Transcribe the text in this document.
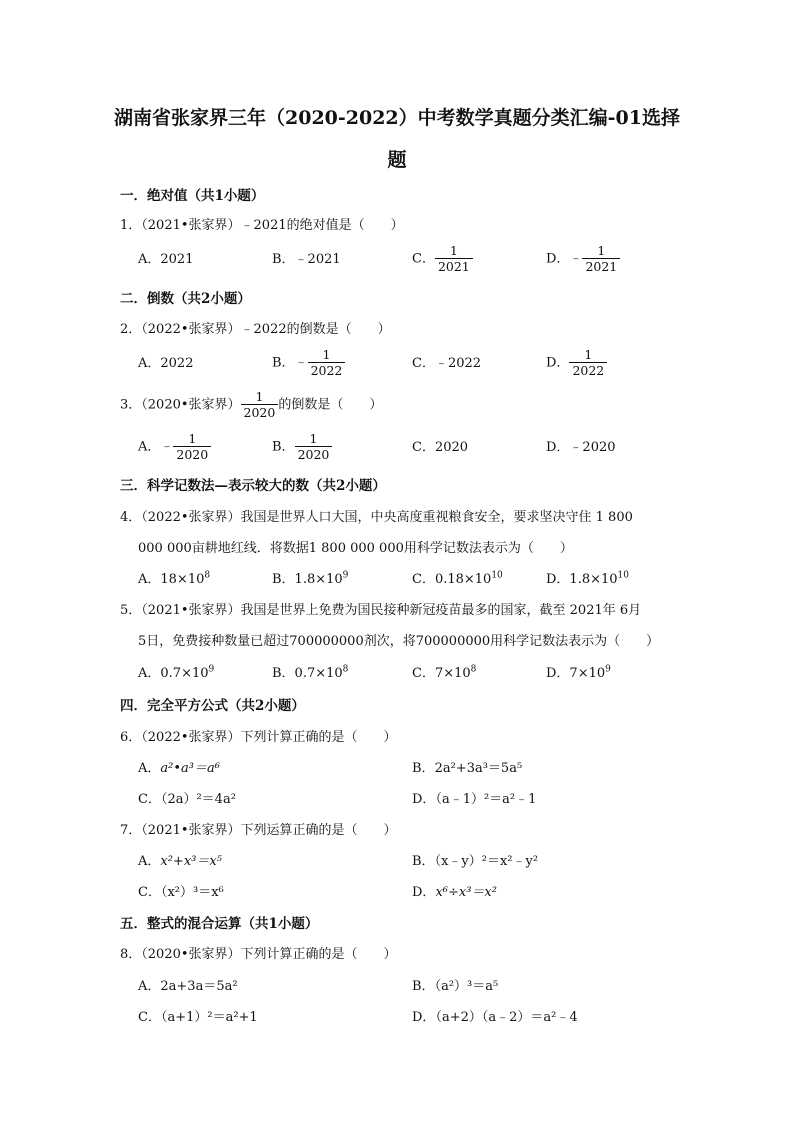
湖南省张家界三年（2020-2022）中考数学真题分类汇编-01选择
题
一．绝对值（共1小题）
1．（2021•张家界）﹣2021的绝对值是（　　）
A．2021	B．﹣2021	C． $\frac{1}{2021}$	D．﹣ $\frac{1}{2021}$
二．倒数（共2小题）
2．（2022•张家界）﹣2022的倒数是（　　）
A．2022	B．﹣ $\frac{1}{2022}$	C．﹣2022	D． $\frac{1}{2022}$
3．（2020•张家界） $\frac{1}{2020}$ 的倒数是（　　）
A．﹣ $\frac{1}{2020}$	B． $\frac{1}{2020}$	C．2020	D．﹣2020
三．科学记数法—表示较大的数（共2小题）
4．（2022•张家界）我国是世界人口大国，中央高度重视粮食安全，要求坚决守住 1 800
000 000亩耕地红线．将数据1 800 000 000用科学记数法表示为（　　）
A．$18\times 10^8$	B．$1.8\times 10^9$	C．$0.18\times 10^{10}$	D．$1.8\times 10^{10}$
5．（2021•张家界）我国是世界上免费为国民接种新冠疫苗最多的国家，截至 2021年 6月
5日，免费接种数量已超过700000000剂次，将700000000用科学记数法表示为（　　）
A．$0.7\times 10^9$	B．$0.7\times 10^8$	C．$7\times 10^8$	D．$7\times 10^9$
四．完全平方公式（共2小题）
6．（2022•张家界）下列计算正确的是（　　）
A．a²•a³＝a⁶	B．2a²+3a³＝5a⁵
C．（2a）²＝4a²	D．（a﹣1）²＝a²﹣1
7．（2021•张家界）下列运算正确的是（　　）
A．x²+x³＝x⁵	B．（x﹣y）²＝x²﹣y²
C．（x²）³＝x⁶	D．x⁶÷x³＝x²
五．整式的混合运算（共1小题）
8．（2020•张家界）下列计算正确的是（　　）
A．2a+3a＝5a²	B．（a²）³＝a⁵
C．（a+1）²＝a²+1	D．（a+2）（a﹣2）＝a²﹣4
